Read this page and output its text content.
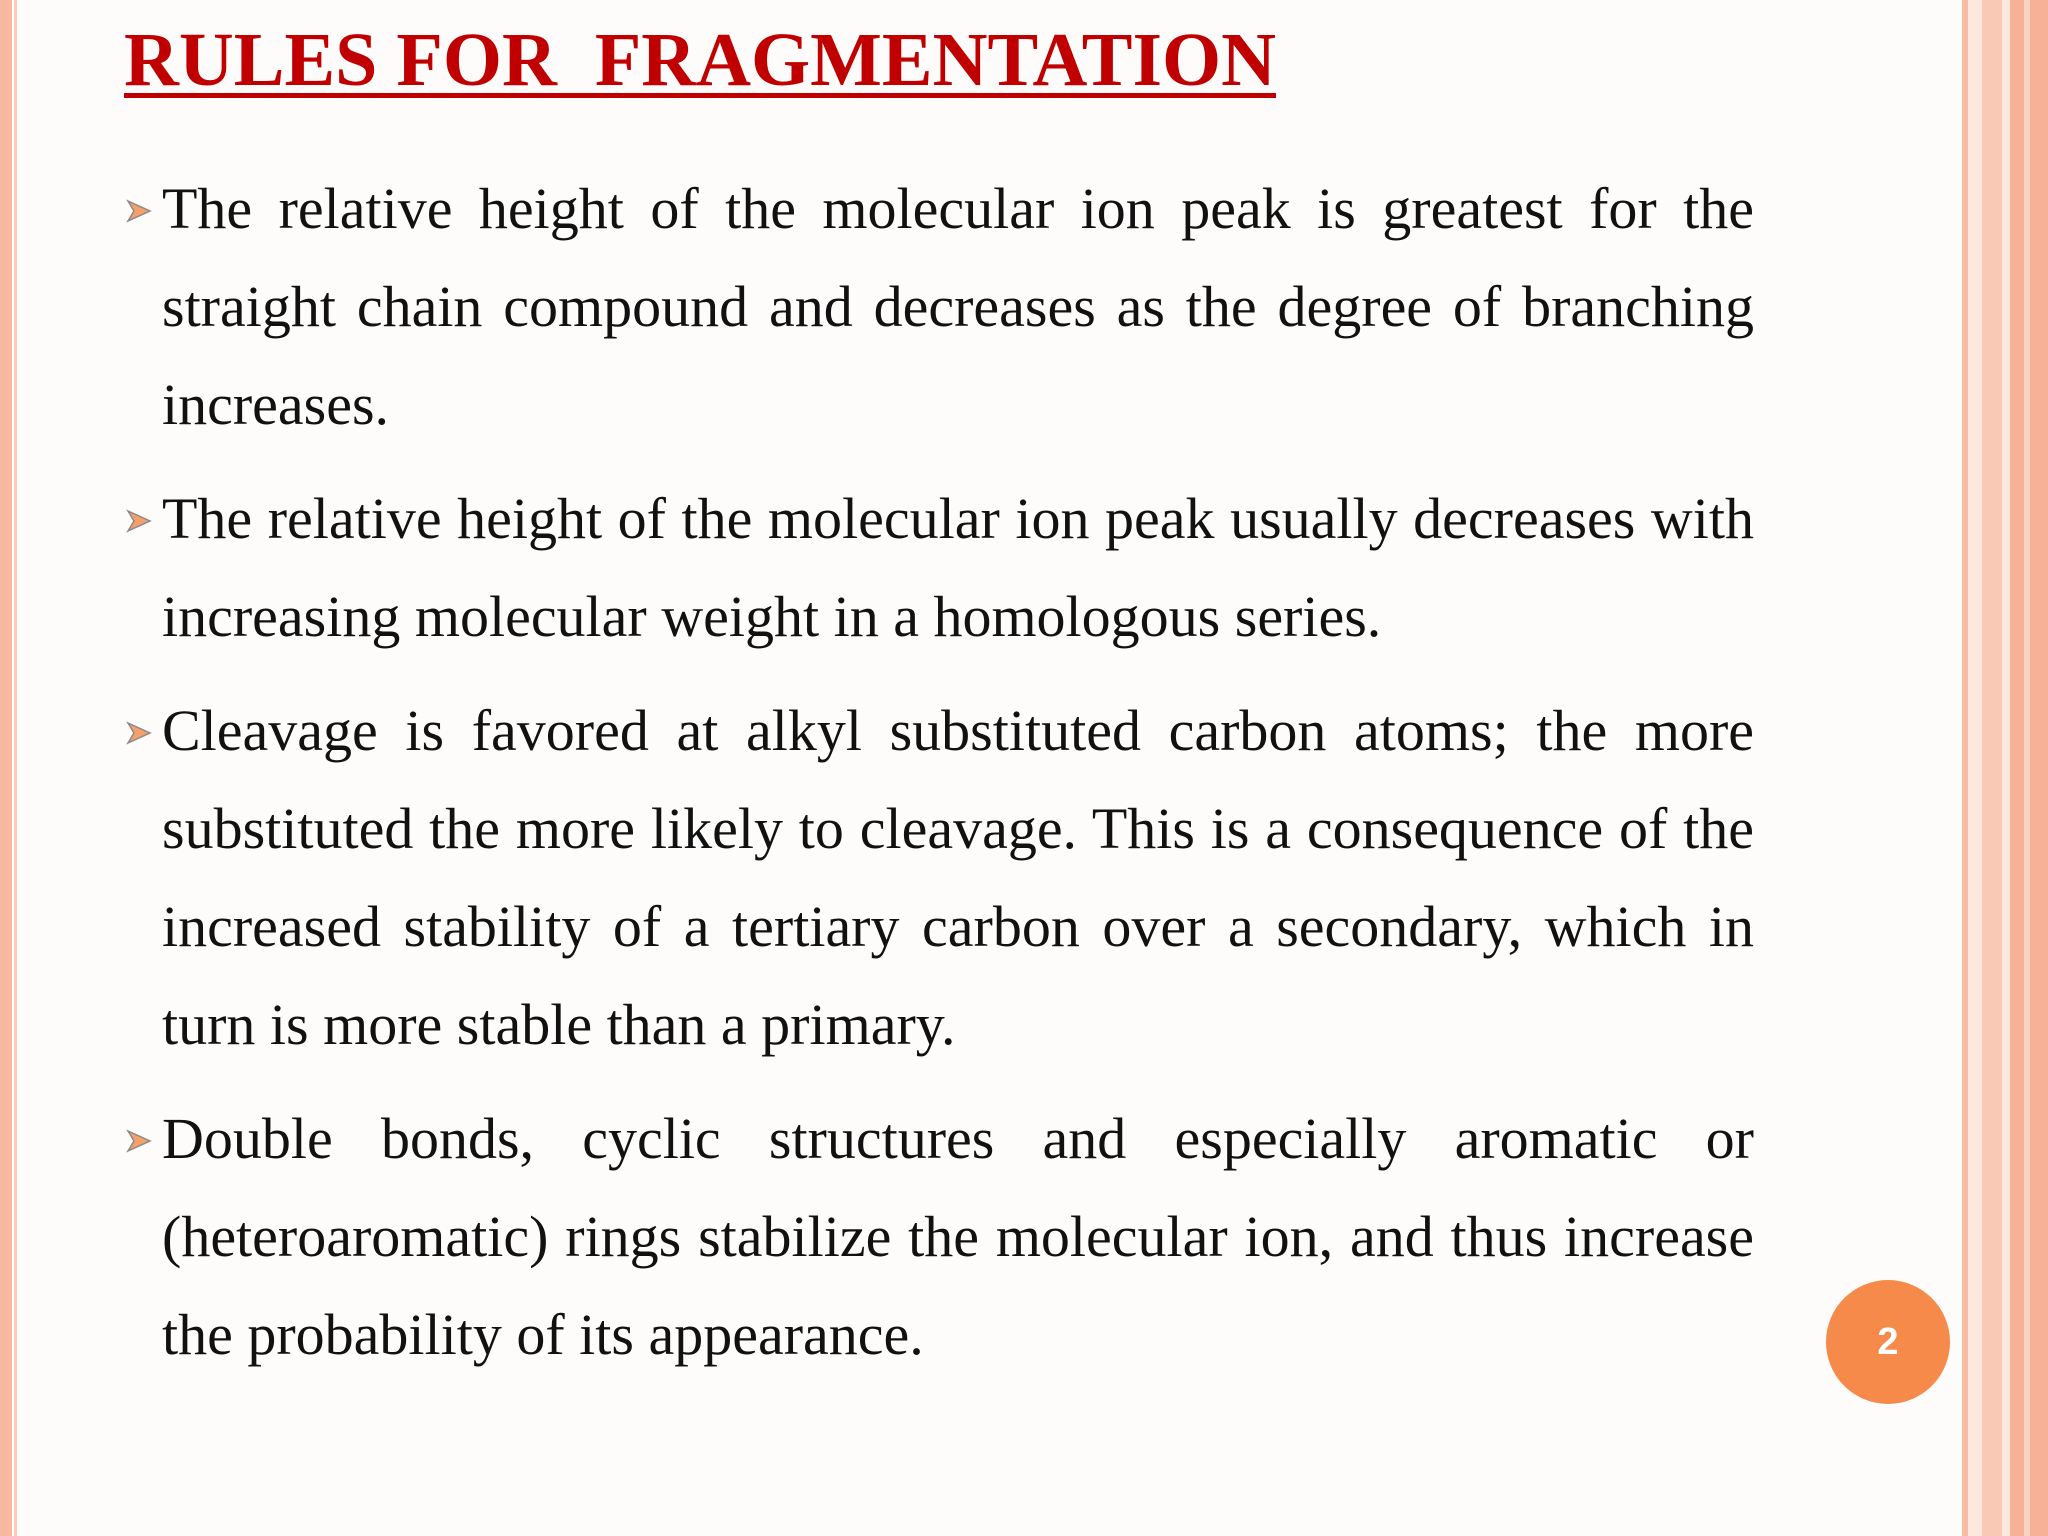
RULES FOR  FRAGMENTATION
The relative height of the molecular ion peak is greatest for the straight chain compound and decreases as the degree of branching increases.
The relative height of the molecular ion peak usually decreases with increasing molecular weight in a homologous series.
Cleavage is favored at alkyl substituted carbon atoms; the more substituted the more likely to cleavage. This is a consequence of the increased stability of a tertiary carbon over a secondary, which in turn is more stable than a primary.
Double bonds, cyclic structures and especially aromatic or (heteroaromatic) rings stabilize the molecular ion, and thus increase the probability of its appearance.	2
